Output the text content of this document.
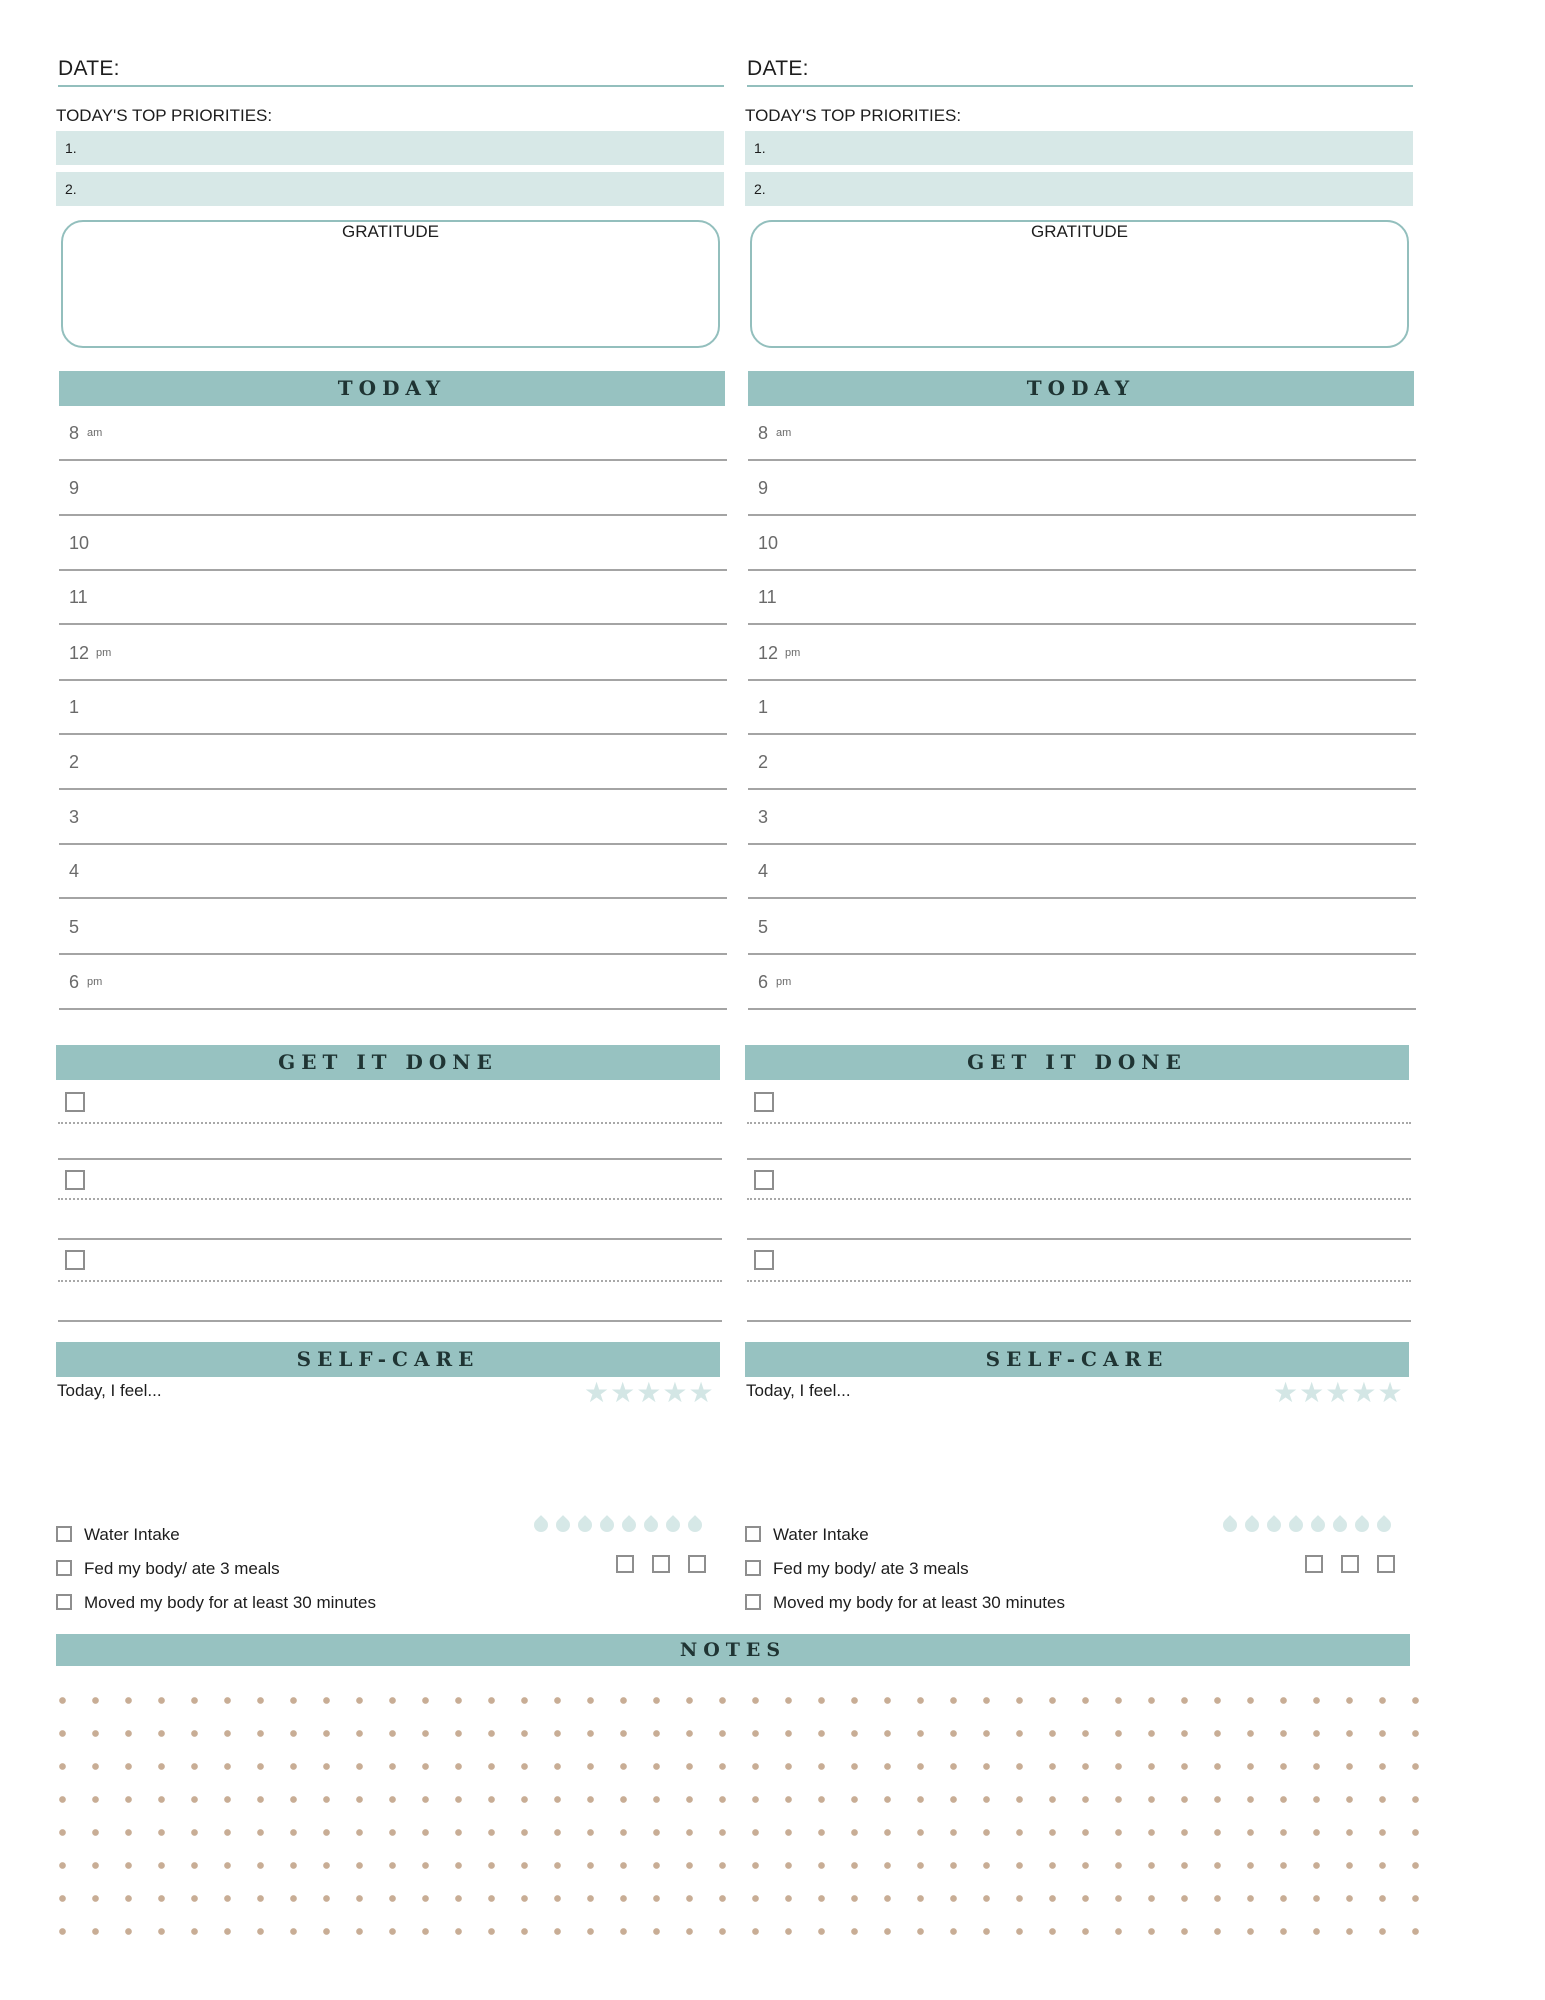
DATE:
TODAY'S TOP PRIORITIES:
1.
2.
GRATITUDE
TODAY
8 am
9
10
11
12 pm
1
2
3
4
5
6 pm
GET IT DONE
SELF-CARE
Today, I feel...	★★★★★
Water Intake
Fed my body/ ate 3 meals
Moved my body for at least 30 minutes
DATE:
TODAY'S TOP PRIORITIES:
1.
2.
GRATITUDE
TODAY
8 am
9
10
11
12 pm
1
2
3
4
5
6 pm
GET IT DONE
SELF-CARE
Today, I feel...	★★★★★
Water Intake
Fed my body/ ate 3 meals
Moved my body for at least 30 minutes
NOTES
